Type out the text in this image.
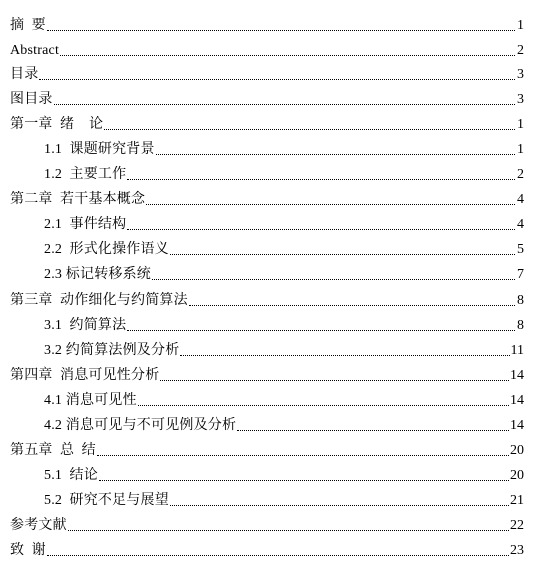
摘  要	1
Abstract	2
目录	3
图目录	3
第一章  绪    论	1
1.1  课题研究背景	1
1.2  主要工作	2
第二章  若干基本概念	4
2.1  事件结构	4
2.2  形式化操作语义	5
2.3 标记转移系统	7
第三章  动作细化与约简算法	8
3.1  约简算法	8
3.2 约简算法例及分析	11
第四章  消息可见性分析	14
4.1 消息可见性	14
4.2 消息可见与不可见例及分析	14
第五章  总  结	20
5.1  结论	20
5.2  研究不足与展望	21
参考文献	22
致  谢	23
